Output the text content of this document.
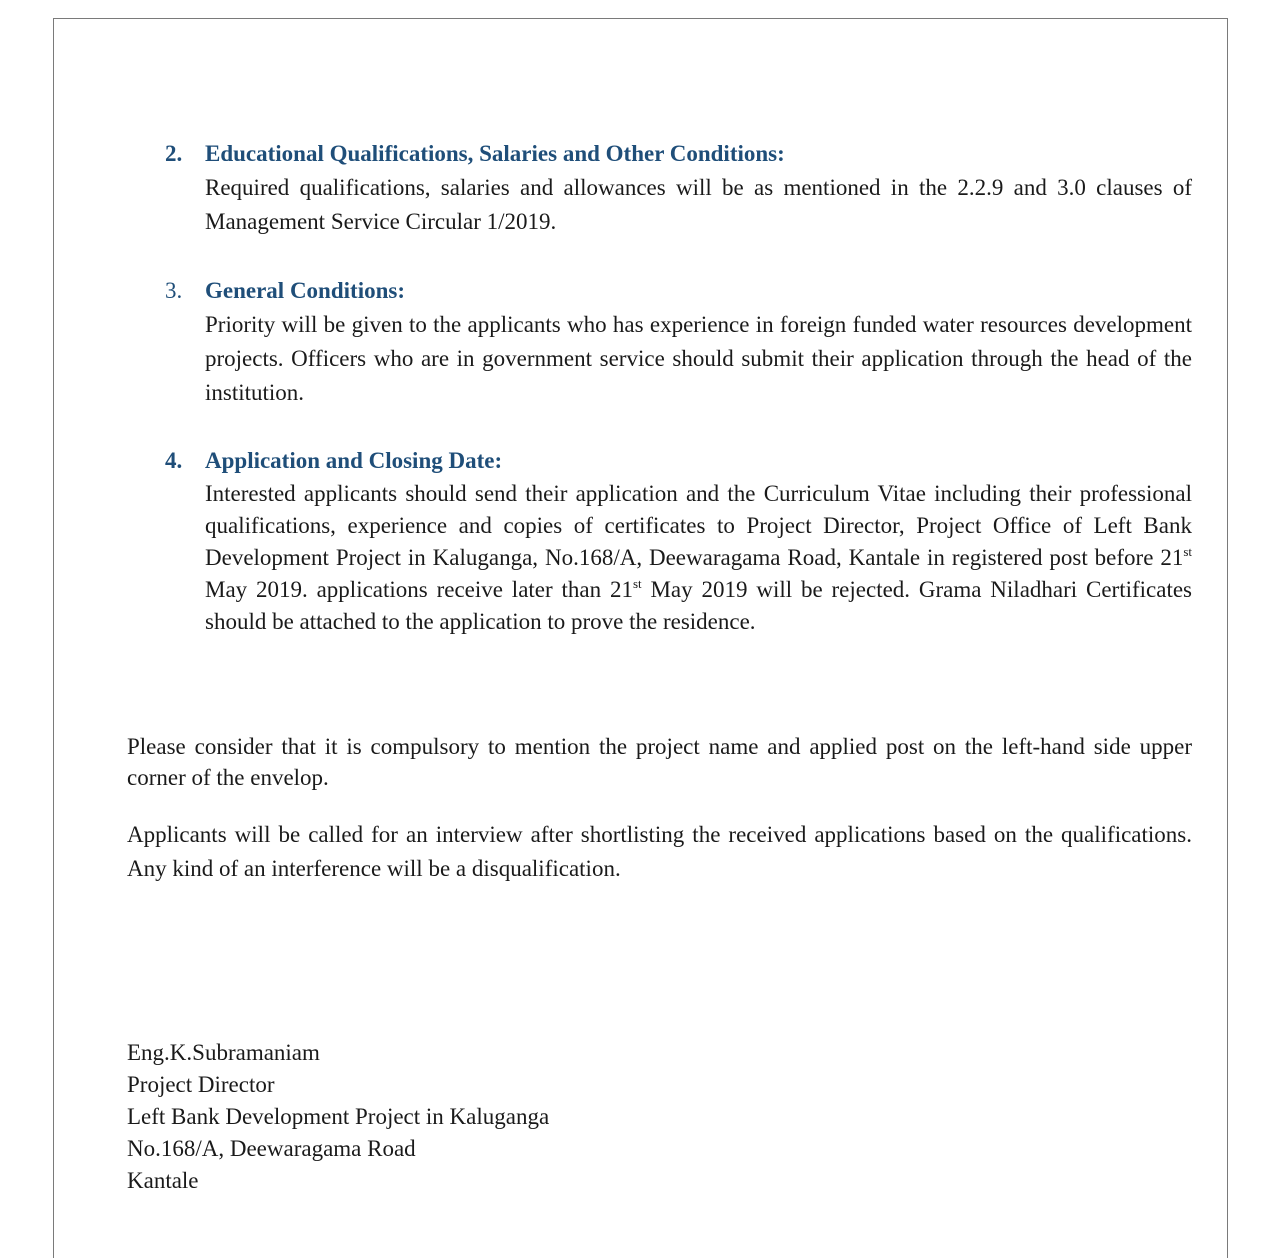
2. Educational Qualifications, Salaries and Other Conditions:
Required qualifications, salaries and allowances will be as mentioned in the 2.2.9 and 3.0 clauses of Management Service Circular 1/2019.
3. General Conditions:
Priority will be given to the applicants who has experience in foreign funded water resources development projects. Officers who are in government service should submit their application through the head of the institution.
4. Application and Closing Date:
Interested applicants should send their application and the Curriculum Vitae including their professional qualifications, experience and copies of certificates to Project Director, Project Office of Left Bank Development Project in Kaluganga, No.168/A, Deewaragama Road, Kantale in registered post before 21st May 2019. applications receive later than 21st May 2019 will be rejected. Grama Niladhari Certificates should be attached to the application to prove the residence.
Please consider that it is compulsory to mention the project name and applied post on the left-hand side upper corner of the envelop.
Applicants will be called for an interview after shortlisting the received applications based on the qualifications. Any kind of an interference will be a disqualification.
Eng.K.Subramaniam
Project Director
Left Bank Development Project in Kaluganga
No.168/A, Deewaragama Road
Kantale
